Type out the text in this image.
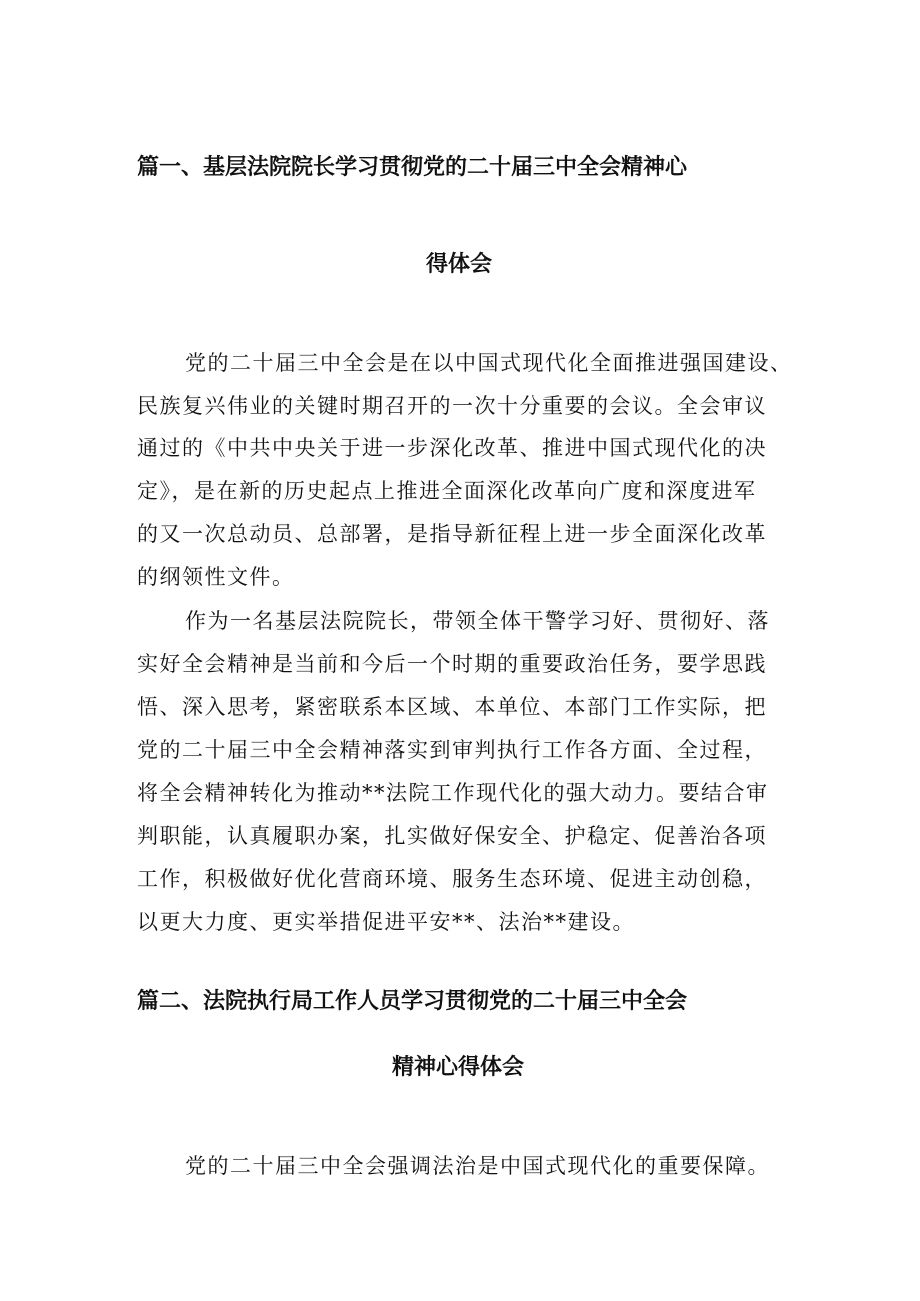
篇一、基层法院院长学习贯彻党的二十届三中全会精神心
得体会

党的二十届三中全会是在以中国式现代化全面推进强国建设、

民族复兴伟业的关键时期召开的一次十分重要的会议。全会审议

通过的《中共中央关于进一步深化改革、推进中国式现代化的决

定》，是在新的历史起点上推进全面深化改革向广度和深度进军

的又一次总动员、总部署，是指导新征程上进一步全面深化改革

的纲领性文件。

作为一名基层法院院长，带领全体干警学习好、贯彻好、落

实好全会精神是当前和今后一个时期的重要政治任务，要学思践

悟、深入思考，紧密联系本区域、本单位、本部门工作实际，把

党的二十届三中全会精神落实到审判执行工作各方面、全过程，

将全会精神转化为推动**法院工作现代化的强大动力。要结合审

判职能，认真履职办案，扎实做好保安全、护稳定、促善治各项

工作，积极做好优化营商环境、服务生态环境、促进主动创稳，

以更大力度、更实举措促进平安**、法治**建设。

篇二、法院执行局工作人员学习贯彻党的二十届三中全会
精神心得体会

党的二十届三中全会强调法治是中国式现代化的重要保障。
